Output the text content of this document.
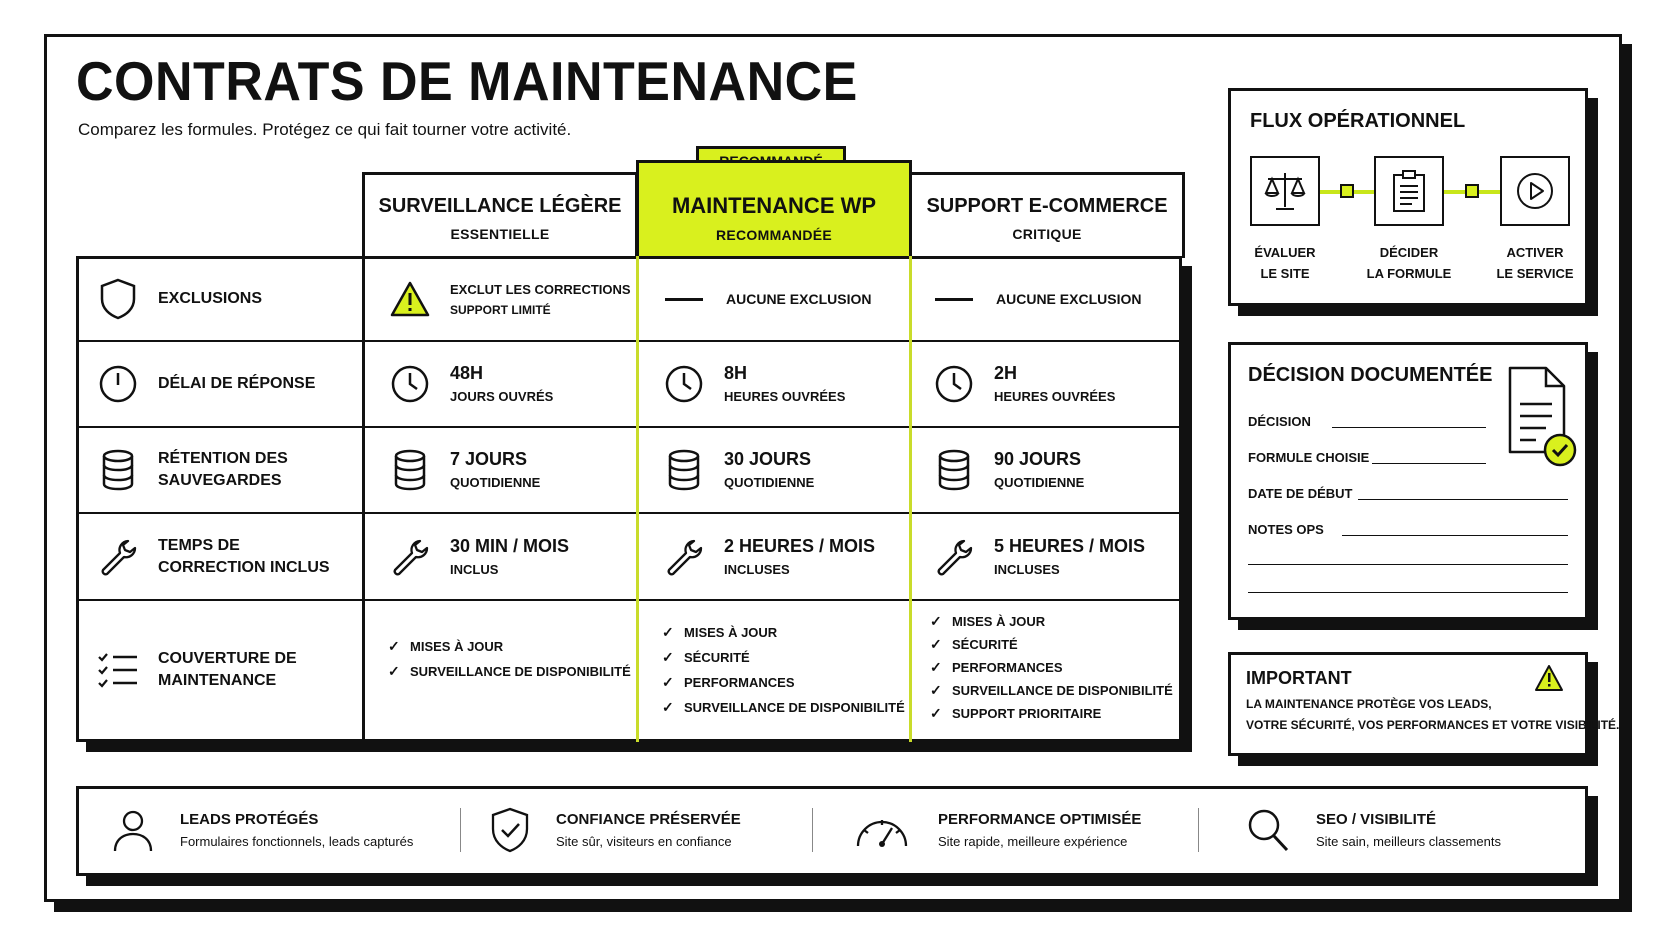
CONTRATS DE MAINTENANCE
Comparez les formules. Protégez ce qui fait tourner votre activité.
SURVEILLANCE LÉGÈRE
ESSENTIELLE
MAINTENANCE WP
RECOMMANDÉE
SUPPORT E-COMMERCE
CRITIQUE
EXCLUSIONS
EXCLUT LES CORRECTIONS
SUPPORT LIMITÉ
AUCUNE EXCLUSION	AUCUNE EXCLUSION
DÉLAI DE RÉPONSE
48H
JOURS OUVRÉS
8H
HEURES OUVRÉES
2H
HEURES OUVRÉES
RÉTENTION DES SAUVEGARDES
7 JOURS
QUOTIDIENNE
30 JOURS
QUOTIDIENNE
90 JOURS
QUOTIDIENNE
TEMPS DE CORRECTION INCLUS
30 MIN / MOIS
INCLUS
2 HEURES / MOIS
INCLUSES
5 HEURES / MOIS
INCLUSES
COUVERTURE DE MAINTENANCE
✓ MISES À JOUR
✓ SURVEILLANCE DE DISPONIBILITÉ
✓ MISES À JOUR
✓ SÉCURITÉ
✓ PERFORMANCES
✓ SURVEILLANCE DE DISPONIBILITÉ
✓ MISES À JOUR
✓ SÉCURITÉ
✓ PERFORMANCES
✓ SURVEILLANCE DE DISPONIBILITÉ
✓ SUPPORT PRIORITAIRE
FLUX OPÉRATIONNEL
ÉVALUER
LE SITE
DÉCIDER
LA FORMULE
ACTIVER
LE SERVICE
DÉCISION DOCUMENTÉE
DÉCISION
FORMULE CHOISIE
DATE DE DÉBUT
NOTES OPS
IMPORTANT
LA MAINTENANCE PROTÈGE VOS LEADS,
VOTRE SÉCURITÉ, VOS PERFORMANCES ET VOTRE VISIBILITÉ.
LEADS PROTÉGÉS
Formulaires fonctionnels, leads capturés
CONFIANCE PRÉSERVÉE
Site sûr, visiteurs en confiance
PERFORMANCE OPTIMISÉE
Site rapide, meilleure expérience
SEO / VISIBILITÉ
Site sain, meilleurs classements
